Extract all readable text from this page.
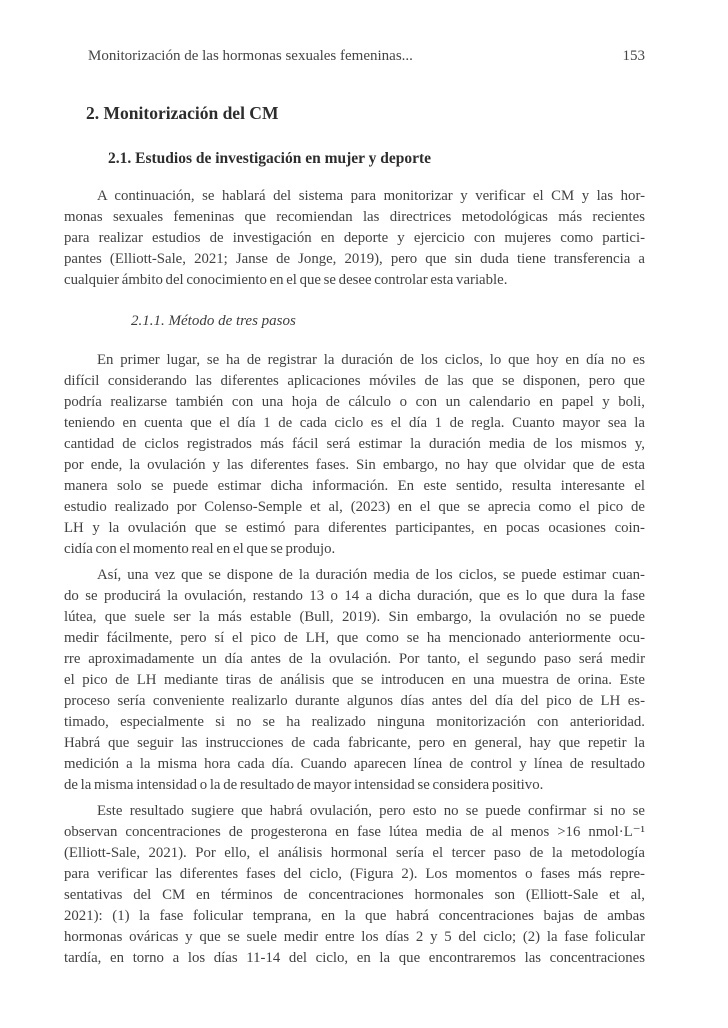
Monitorización de las hormonas sexuales femeninas...	153
2. Monitorización del CM
2.1. Estudios de investigación en mujer y deporte
A continuación, se hablará del sistema para monitorizar y verificar el CM y las hor-
monas sexuales femeninas que recomiendan las directrices metodológicas más recientes
para realizar estudios de investigación en deporte y ejercicio con mujeres como partici-
pantes (Elliott-Sale, 2021; Janse de Jonge, 2019), pero que sin duda tiene transferencia a
cualquier ámbito del conocimiento en el que se desee controlar esta variable.
2.1.1. Método de tres pasos
En primer lugar, se ha de registrar la duración de los ciclos, lo que hoy en día no es
difícil considerando las diferentes aplicaciones móviles de las que se disponen, pero que
podría realizarse también con una hoja de cálculo o con un calendario en papel y boli,
teniendo en cuenta que el día 1 de cada ciclo es el día 1 de regla. Cuanto mayor sea la
cantidad de ciclos registrados más fácil será estimar la duración media de los mismos y,
por ende, la ovulación y las diferentes fases. Sin embargo, no hay que olvidar que de esta
manera solo se puede estimar dicha información. En este sentido, resulta interesante el
estudio realizado por Colenso-Semple et al, (2023) en el que se aprecia como el pico de
LH y la ovulación que se estimó para diferentes participantes, en pocas ocasiones coin-
cidía con el momento real en el que se produjo.
Así, una vez que se dispone de la duración media de los ciclos, se puede estimar cuan-
do se producirá la ovulación, restando 13 o 14 a dicha duración, que es lo que dura la fase
lútea, que suele ser la más estable (Bull, 2019). Sin embargo, la ovulación no se puede
medir fácilmente, pero sí el pico de LH, que como se ha mencionado anteriormente ocu-
rre aproximadamente un día antes de la ovulación. Por tanto, el segundo paso será medir
el pico de LH mediante tiras de análisis que se introducen en una muestra de orina. Este
proceso sería conveniente realizarlo durante algunos días antes del día del pico de LH es-
timado, especialmente si no se ha realizado ninguna monitorización con anterioridad.
Habrá que seguir las instrucciones de cada fabricante, pero en general, hay que repetir la
medición a la misma hora cada día. Cuando aparecen línea de control y línea de resultado
de la misma intensidad o la de resultado de mayor intensidad se considera positivo.
Este resultado sugiere que habrá ovulación, pero esto no se puede confirmar si no se
observan concentraciones de progesterona en fase lútea media de al menos >16 nmol·L⁻¹
(Elliott-Sale, 2021). Por ello, el análisis hormonal sería el tercer paso de la metodología
para verificar las diferentes fases del ciclo, (Figura 2). Los momentos o fases más repre-
sentativas del CM en términos de concentraciones hormonales son (Elliott-Sale et al,
2021): (1) la fase folicular temprana, en la que habrá concentraciones bajas de ambas
hormonas ováricas y que se suele medir entre los días 2 y 5 del ciclo; (2) la fase folicular
tardía, en torno a los días 11-14 del ciclo, en la que encontraremos las concentraciones
